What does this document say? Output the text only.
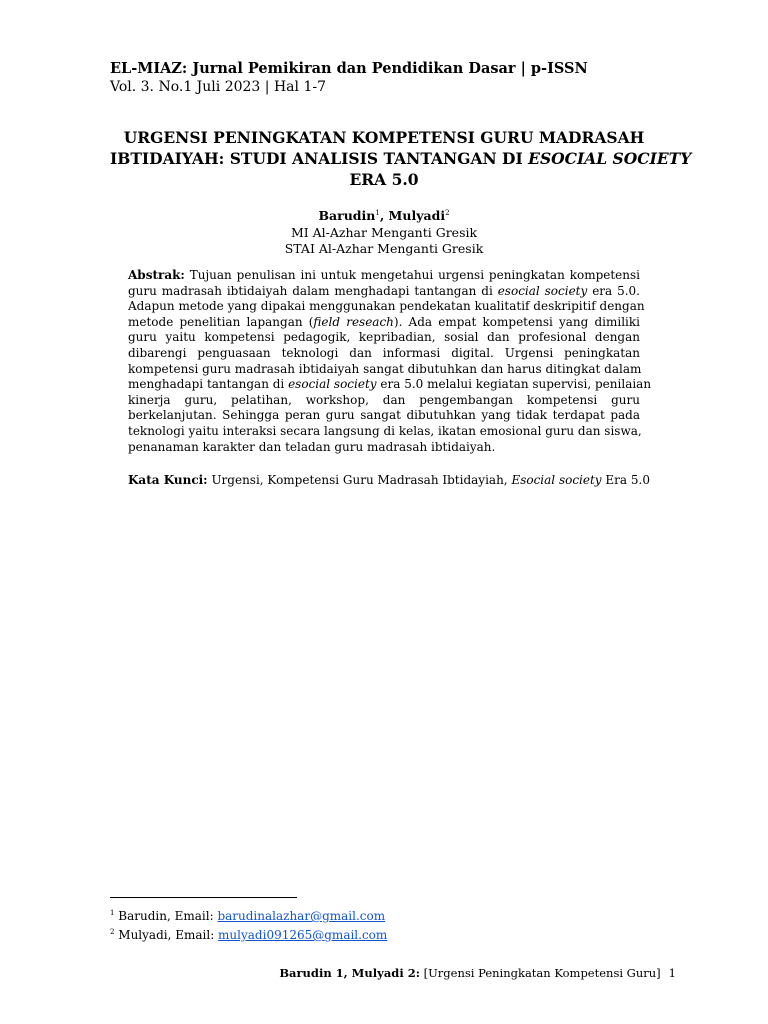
EL-MIAZ: Jurnal Pemikiran dan Pendidikan Dasar | p-ISSN
Vol. 3. No.1 Juli 2023 | Hal 1-7
URGENSI PENINGKATAN KOMPETENSI GURU MADRASAH
IBTIDAIYAH: STUDI ANALISIS TANTANGAN DI ESOCIAL SOCIETY
ERA 5.0
Barudin$^1$, Mulyadi$^2$
MI Al-Azhar Menganti Gresik
STAI Al-Azhar Menganti Gresik
Abstrak: Tujuan penulisan ini untuk mengetahui urgensi peningkatan kompetensi
guru madrasah ibtidaiyah dalam menghadapi tantangan di esocial society era 5.0.
Adapun metode yang dipakai menggunakan pendekatan kualitatif deskripitif dengan
metode penelitian lapangan (field reseach). Ada empat kompetensi yang dimiliki
guru yaitu kompetensi pedagogik, kepribadian, sosial dan profesional dengan
dibarengi penguasaan teknologi dan informasi digital. Urgensi peningkatan
kompetensi guru madrasah ibtidaiyah sangat dibutuhkan dan harus ditingkat dalam
menghadapi tantangan di esocial society era 5.0 melalui kegiatan supervisi, penilaian
kinerja guru, pelatihan, workshop, dan pengembangan kompetensi guru
berkelanjutan. Sehingga peran guru sangat dibutuhkan yang tidak terdapat pada
teknologi yaitu interaksi secara langsung di kelas, ikatan emosional guru dan siswa,
penanaman karakter dan teladan guru madrasah ibtidaiyah.
Kata Kunci: Urgensi, Kompetensi Guru Madrasah Ibtidayiah, Esocial society Era 5.0
$^1$ Barudin, Email: barudinalazhar@gmail.com
$^2$ Mulyadi, Email: mulyadi091265@gmail.com
Barudin 1, Mulyadi 2: [Urgensi Peningkatan Kompetensi Guru] 1
